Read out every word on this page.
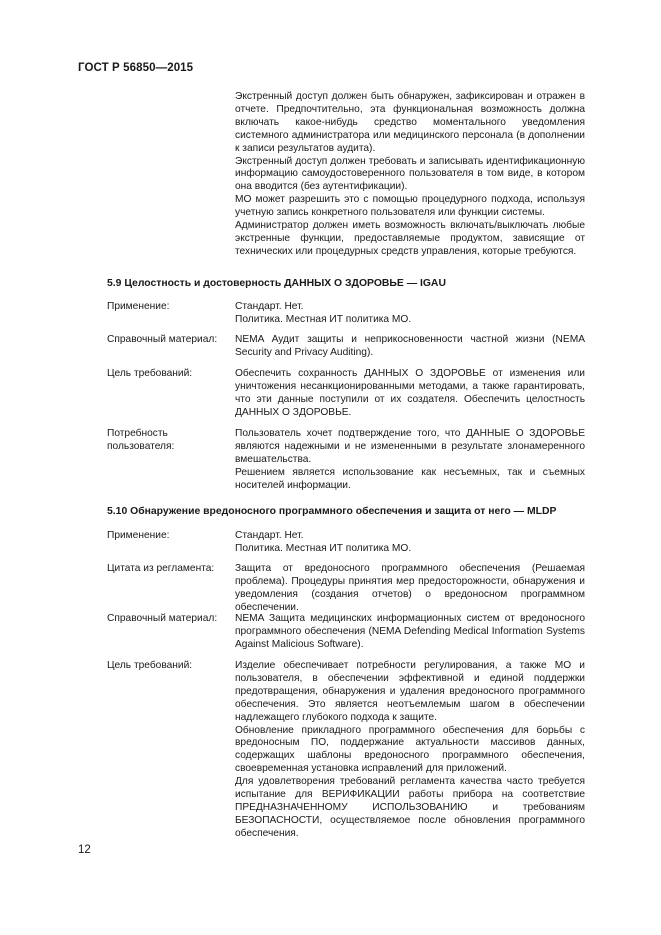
ГОСТ Р 56850—2015

Экстренный доступ должен быть обнаружен, зафиксирован и отражен в отчете. Предпочтительно, эта функциональная возможность должна включать какое-нибудь средство моментального уведомления системного администратора или медицинского персонала (в дополнении к записи результатов аудита).

Экстренный доступ должен требовать и записывать идентификационную информацию самоудостоверенного пользователя в том виде, в котором она вводится (без аутентификации).

МО может разрешить это с помощью процедурного подхода, используя учетную запись конкретного пользователя или функции системы.

Администратор должен иметь возможность включать/выключать любые экстренные функции, предоставляемые продуктом, зависящие от технических или процедурных средств управления, которые требуются.

5.9 Целостность и достоверность ДАННЫХ О ЗДОРОВЬЕ — IGAU
Применение:	Стандарт. Нет.

Политика. Местная ИТ политика МО.

Справочный материал:	NEMA Аудит защиты и неприкосновенности частной жизни (NEMA Security and Privacy Auditing).

Цель требований:	Обеспечить сохранность ДАННЫХ О ЗДОРОВЬЕ от изменения или уничтожения несанкционированными методами, а также гарантировать, что эти данные поступили от их создателя. Обеспечить целостность ДАННЫХ О ЗДОРОВЬЕ.

Потребность пользователя:

Пользователь хочет подтверждение того, что ДАННЫЕ О ЗДОРОВЬЕ являются надежными и не измененными в результате злонамеренного вмешательства.

Решением является использование как несъемных, так и съемных носителей информации.

5.10 Обнаружение вредоносного программного обеспечения и защита от него — MLDP
Применение:	Стандарт. Нет.

Политика. Местная ИТ политика МО.

Цитата из регламента:	Защита от вредоносного программного обеспечения (Решаемая проблема). Процедуры принятия мер предосторожности, обнаружения и уведомления (создания отчетов) о вредоносном программном обеспечении.

Справочный материал:	NEMA Защита медицинских информационных систем от вредоносного программного обеспечения (NEMA Defending Medical Information Systems Against Malicious Software).

Цель требований:	Изделие обеспечивает потребности регулирования, а также МО и пользователя, в обеспечении эффективной и единой поддержки предотвращения, обнаружения и удаления вредоносного программного обеспечения. Это является неотъемлемым шагом в обеспечении надлежащего глубокого подхода к защите.

Обновление прикладного программного обеспечения для борьбы с вредоносным ПО, поддержание актуальности массивов данных, содержащих шаблоны вредоносного программного обеспечения, своевременная установка исправлений для приложений.

Для удовлетворения требований регламента качества часто требуется испытание для ВЕРИФИКАЦИИ работы прибора на соответствие ПРЕДНАЗНАЧЕННОМУ ИСПОЛЬЗОВАНИЮ и требованиям БЕЗОПАСНОСТИ, осуществляемое после обновления программного обеспечения.

12
